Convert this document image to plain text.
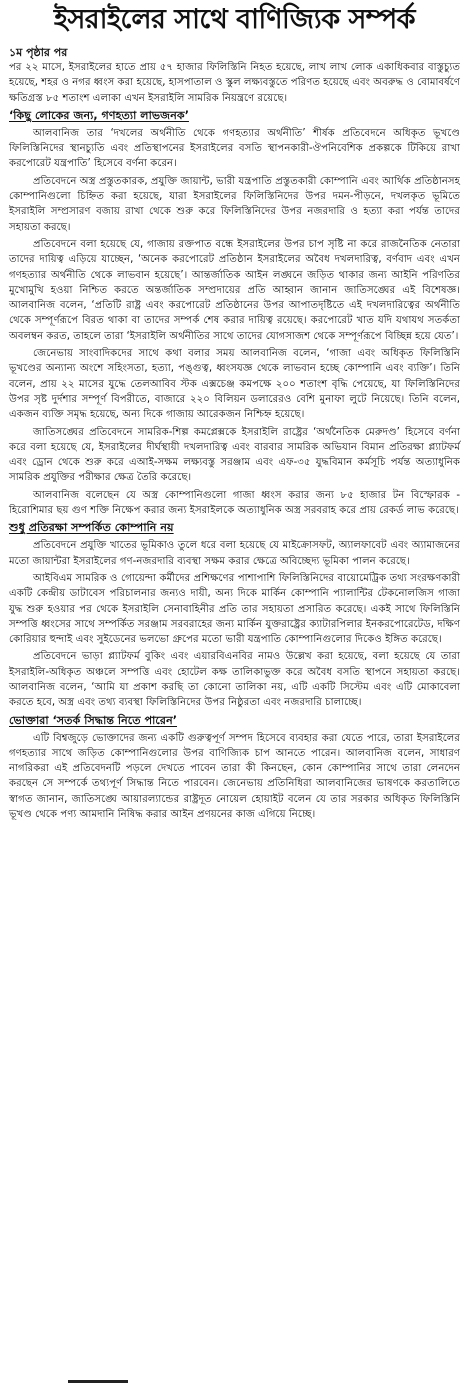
ইসরাইলের সাথে বাণিজ্যিক সম্পর্ক
১ম পৃষ্ঠার পর

পর ২২ মাসে, ইসরাইলের হাতে প্রায় ৫৭ হাজার ফিলিস্তিনি নিহত হয়েছে, লাখ লাখ লোক একাধিকবার বাস্তুচ্যুত হয়েছে, শহর ও নগর ধ্বংস করা হয়েছে, হাসপাতাল ও স্কুল লক্ষ্যবস্তুতে পরিণত হয়েছে এবং অবরুদ্ধ ও বোমাবর্ষণে ক্ষতিগ্রস্ত ৮৫ শতাংশ এলাকা এখন ইসরাইলি সামরিক নিয়ন্ত্রণে রয়েছে।

‘কিছু লোকের জন্য, গণহত্যা লাভজনক’

আলবানিজ তার ‘দখলের অর্থনীতি থেকে গণহত্যার অর্থনীতি’ শীর্ষক প্রতিবেদনে অধিকৃত ভূখণ্ডে ফিলিস্তিনিদের স্থানচ্যুতি এবং প্রতিস্থাপনের ইসরাইলের বসতি স্থাপনকারী-ঔপনিবেশিক প্রকল্পকে টিকিয়ে রাখা করপোরেট যন্ত্রপাতি’ হিসেবে বর্ণনা করেন।

প্রতিবেদনে অস্ত্র প্রস্তুতকারক, প্রযুক্তি জায়ান্ট, ভারী যন্ত্রপাতি প্রস্তুতকারী কোম্পানি এবং আর্থিক প্রতিষ্ঠানসহ কোম্পানিগুলো চিহ্নিত করা হয়েছে, যারা ইসরাইলের ফিলিস্তিনিদের উপর দমন-পীড়নে, দখলকৃত ভূমিতে ইসরাইলি সম্প্রসারণ বজায় রাখা থেকে শুরু করে ফিলিস্তিনিদের উপর নজরদারি ও হত্যা করা পর্যন্ত তাদের সহায়তা করছে।

প্রতিবেদনে বলা হয়েছে যে, গাজায় রক্তপাত বন্ধে ইসরাইলের উপর চাপ সৃষ্টি না করে রাজনৈতিক নেতারা তাদের দায়িত্ব এড়িয়ে যাচ্ছেন, ‘অনেক করপোরেট প্রতিষ্ঠান ইসরাইলের অবৈধ দখলদারিত্ব, বর্ণবাদ এবং এখন গণহত্যার অর্থনীতি থেকে লাভবান হয়েছে’। আন্তর্জাতিক আইন লঙ্ঘনে জড়িত থাকার জন্য আইনি পরিণতির মুখোমুখি হওয়া নিশ্চিত করতে অন্তর্জাতিক সম্প্রদায়ের প্রতি আহ্বান জানান জাতিসঙ্ঘের এই বিশেষজ্ঞ। আলবানিজ বলেন, ‘প্রতিটি রাষ্ট্র এবং করপোরেট প্রতিষ্ঠানের উপর আপাতদৃষ্টিতে এই দখলদারিত্বের অর্থনীতি থেকে সম্পূর্ণরূপে বিরত থাকা বা তাদের সম্পর্ক শেষ করার দায়িত্ব রয়েছে। করপোরেট খাত যদি যথাযথ সতর্কতা অবলম্বন করত, তাহলে তারা ‘ইসরাইলি অর্থনীতির সাথে তাদের যোগসাজশ থেকে সম্পূর্ণরূপে বিচ্ছিন্ন হয়ে যেত’।

জেনেভায় সাংবাদিকদের সাথে কথা বলার সময় আলবানিজ বলেন, ‘গাজা এবং অধিকৃত ফিলিস্তিনি ভূখণ্ডের অন্যান্য অংশে সহিংসতা, হত্যা, পঙ্গুত্ব, ধ্বংসযজ্ঞ থেকে লাভবান হচ্ছে কোম্পানি এবং ব্যক্তি’। তিনি বলেন, প্রায় ২২ মাসের যুদ্ধে তেলআবিব স্টক এক্সচেঞ্জ কমপক্ষে ২০০ শতাংশ বৃদ্ধি পেয়েছে, যা ফিলিস্তিনিদের উপর সৃষ্ট দুর্দশার সম্পূর্ণ বিপরীতে, বাজারে ২২০ বিলিয়ন ডলারেরও বেশি মুনাফা লুটে নিয়েছে। তিনি বলেন, একজন ব্যক্তি সমৃদ্ধ হয়েছে, অন্য দিকে গাজায় আরেকজন নিশ্চিহ্ন হয়েছে।

জাতিসঙ্ঘের প্রতিবেদনে সামরিক-শিল্প কমপ্লেক্সকে ইসরাইলি রাষ্ট্রের ‘অর্থনৈতিক মেরুদণ্ড’ হিসেবে বর্ণনা করে বলা হয়েছে যে, ইসরাইলের দীর্ঘস্থায়ী দখলদারিত্ব এবং বারবার সামরিক অভিযান বিমান প্রতিরক্ষা প্ল্যাটফর্ম এবং ড্রোন থেকে শুরু করে এআই-সক্ষম লক্ষ্যবস্তু সরঞ্জাম এবং এফ-৩৫ যুদ্ধবিমান কর্মসূচি পর্যন্ত অত্যাধুনিক সামরিক প্রযুক্তির পরীক্ষার ক্ষেত্র তৈরি করেছে।

আলবানিজ বলেছেন যে অস্ত্র কোম্পানিগুলো গাজা ধ্বংস করার জন্য ৮৫ হাজার টন বিস্ফোরক - হিরোশিমার ছয় গুণ শক্তি নিক্ষেপ করার জন্য ইসরাইলকে অত্যাধুনিক অস্ত্র সরবরাহ করে প্রায় রেকর্ড লাভ করেছে।

শুধু প্রতিরক্ষা সম্পর্কিত কোম্পানি নয়

প্রতিবেদনে প্রযুক্তি খাতের ভূমিকাও তুলে ধরে বলা হয়েছে যে মাইক্রোসফট, অ্যালফাবেট এবং অ্যামাজনের মতো জায়ান্টরা ইসরাইলের গণ-নজরদারি ব্যবস্থা সক্ষম করার ক্ষেত্রে অবিচ্ছেদ্য ভূমিকা পালন করেছে।

আইবিএম সামরিক ও গোয়েন্দা কর্মীদের প্রশিক্ষণের পাশাপাশি ফিলিস্তিনিদের বায়োমেট্রিক তথ্য সংরক্ষণকারী একটি কেন্দ্রীয় ডাটাবেস পরিচালনার জন্যও দায়ী, অন্য দিকে মার্কিন কোম্পানি প্যালান্টির টেকনোলজিস গাজা যুদ্ধ শুরু হওয়ার পর থেকে ইসরাইলি সেনাবাহিনীর প্রতি তার সহায়তা প্রসারিত করেছে। একই সাথে ফিলিস্তিনি সম্পত্তি ধ্বংসের সাথে সম্পর্কিত সরঞ্জাম সরবরাহের জন্য মার্কিন যুক্তরাষ্ট্রের ক্যাটারপিলার ইনকরপোরেটেড, দক্ষিণ কোরিয়ার হুন্দাই এবং সুইডেনের ভলভো গ্রুপের মতো ভারী যন্ত্রপাতি কোম্পানিগুলোর দিকেও ইঙ্গিত করেছে।

প্রতিবেদনে ভাড়া প্ল্যাটফর্ম বুকিং এবং এয়ারবিএনবির নামও উল্লেখ করা হয়েছে, বলা হয়েছে যে তারা ইসরাইলি-অধিকৃত অঞ্চলে সম্পত্তি এবং হোটেল কক্ষ তালিকাভুক্ত করে অবৈধ বসতি স্থাপনে সহায়তা করছে। আলবানিজ বলেন, ‘আমি যা প্রকাশ করছি তা কোনো তালিকা নয়, এটি একটি সিস্টেম এবং এটি মোকাবেলা করতে হবে, অস্ত্র এবং তথ্য ব্যবস্থা ফিলিস্তিনিদের উপর নিষ্ঠুরতা এবং নজরদারি চালাচ্ছে।

ভোক্তারা ‘সতর্ক সিদ্ধান্ত নিতে পারেন’

এটি বিশ্বজুড়ে ভোক্তাদের জন্য একটি গুরুত্বপূর্ণ সম্পদ হিসেবে ব্যবহার করা যেতে পারে, তারা ইসরাইলের গণহত্যার সাথে জড়িত কোম্পানিগুলোর উপর বাণিজ্যিক চাপ আনতে পারেন। আলবানিজ বলেন, সাধারণ নাগরিকরা এই প্রতিবেদনটি পড়লে দেখতে পাবেন তারা কী কিনছেন, কোন কোম্পানির সাথে তারা লেনদেন করছেন সে সম্পর্কে তথ্যপূর্ণ সিদ্ধান্ত নিতে পারবেন। জেনেভায় প্রতিনিধিরা আলবানিজের ভাষণকে করতালিতে স্বাগত জানান, জাতিসঙ্ঘে আয়ারল্যান্ডের রাষ্ট্রদূত নোয়েল হোয়াইট বলেন যে তার সরকার অধিকৃত ফিলিস্তিনি ভূখণ্ড থেকে পণ্য আমদানি নিষিদ্ধ করার আইন প্রণয়নের কাজ এগিয়ে নিচ্ছে।
